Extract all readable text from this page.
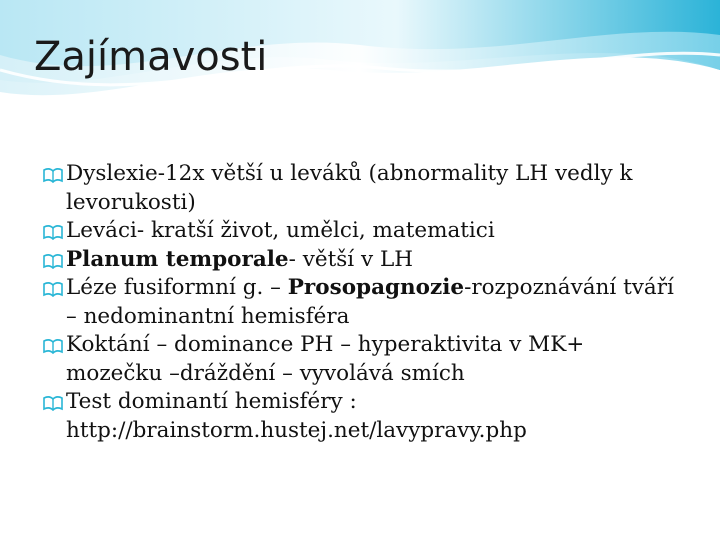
Zajímavosti
Dyslexie-12x větší u leváků (abnormality LH vedly k levorukosti)
Leváci- kratší život, umělci, matematici
Planum temporale- větší v LH
Léze fusiformní g. – Prosopagnozie-rozpoznávání tváří – nedominantní hemisféra
Koktání – dominance PH – hyperaktivita v MK+ mozečku –dráždění – vyvolává smích
Test dominantí hemisféry : http://brainstorm.hustej.net/lavypravy.php
